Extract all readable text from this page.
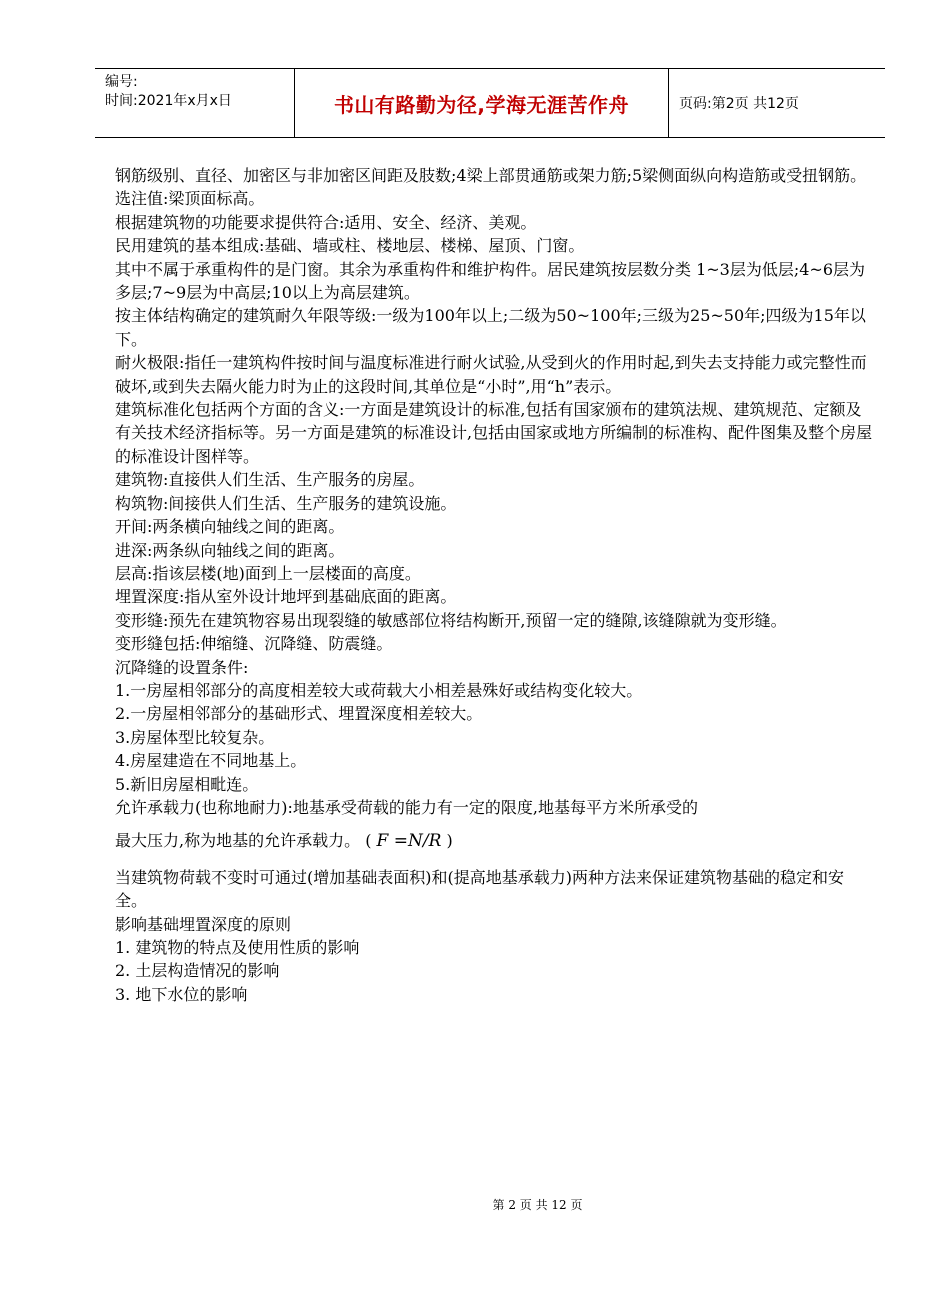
编号:
时间:2021年x月x日	书山有路勤为径,学海无涯苦作舟	页码:第2页 共12页

钢筋级别、直径、加密区与非加密区间距及肢数;4梁上部贯通筋或架力筋;5梁侧面纵向构造筋或受扭钢筋。

选注值:梁顶面标高。

根据建筑物的功能要求提供符合:适用、安全、经济、美观。

民用建筑的基本组成:基础、墙或柱、楼地层、楼梯、屋顶、门窗。

其中不属于承重构件的是门窗。其余为承重构件和维护构件。居民建筑按层数分类 1~3层为低层;4~6层为多层;7~9层为中高层;10以上为高层建筑。

按主体结构确定的建筑耐久年限等级:一级为100年以上;二级为50~100年;三级为25~50年;四级为15年以下。

耐火极限:指任一建筑构件按时间与温度标准进行耐火试验,从受到火的作用时起,到失去支持能力或完整性而破坏,或到失去隔火能力时为止的这段时间,其单位是“小时”,用“h”表示。

建筑标准化包括两个方面的含义:一方面是建筑设计的标准,包括有国家颁布的建筑法规、建筑规范、定额及有关技术经济指标等。另一方面是建筑的标准设计,包括由国家或地方所编制的标准构、配件图集及整个房屋的标准设计图样等。

建筑物:直接供人们生活、生产服务的房屋。

构筑物:间接供人们生活、生产服务的建筑设施。

开间:两条横向轴线之间的距离。

进深:两条纵向轴线之间的距离。

层高:指该层楼(地)面到上一层楼面的高度。

埋置深度:指从室外设计地坪到基础底面的距离。

变形缝:预先在建筑物容易出现裂缝的敏感部位将结构断开,预留一定的缝隙,该缝隙就为变形缝。

变形缝包括:伸缩缝、沉降缝、防震缝。

沉降缝的设置条件:

1.一房屋相邻部分的高度相差较大或荷载大小相差悬殊好或结构变化较大。

2.一房屋相邻部分的基础形式、埋置深度相差较大。

3.房屋体型比较复杂。

4.房屋建造在不同地基上。

5.新旧房屋相毗连。

允许承载力(也称地耐力):地基承受荷载的能力有一定的限度,地基每平方米所承受的

最大压力,称为地基的允许承载力。 ( F =N/R )

当建筑物荷载不变时可通过(增加基础表面积)和(提高地基承载力)两种方法来保证建筑物基础的稳定和安全。

影响基础埋置深度的原则

1. 建筑物的特点及使用性质的影响

2. 土层构造情况的影响

3. 地下水位的影响

第 2 页 共 12 页
